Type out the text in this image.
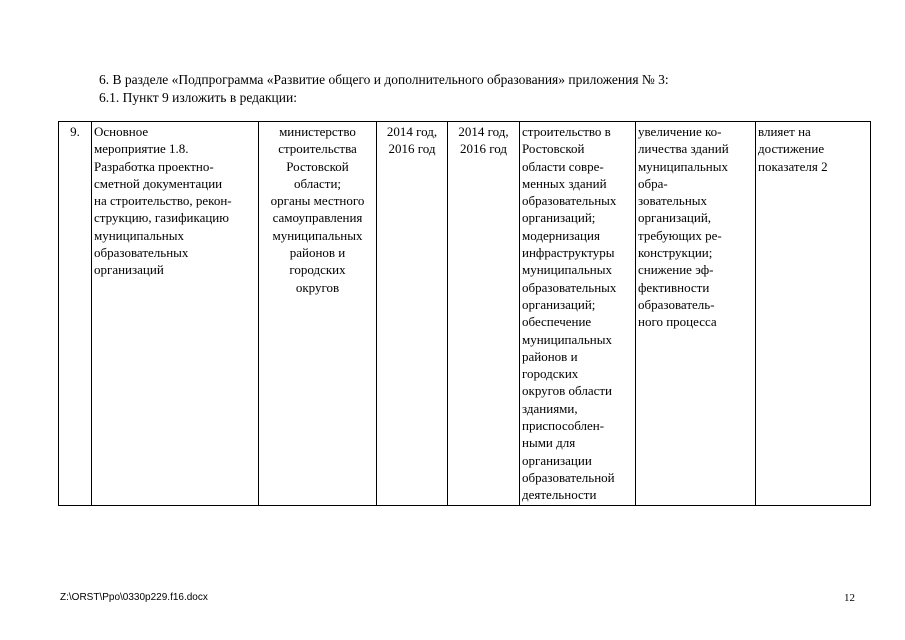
6. В разделе «Подпрограмма «Развитие общего и дополнительного образования» приложения № 3:
6.1. Пункт 9 изложить в редакции:
9.	Основное
мероприятие 1.8.
Разработка проектно-
сметной документации
на строительство, рекон-
струкцию, газификацию
муниципальных
образовательных
организаций	министерство
строительства
Ростовской
области;
органы местного
самоуправления
муниципальных
районов и
городских
округов	2014 год,
2016 год	2014 год,
2016 год	строительство в
Ростовской
области совре-
менных зданий
образовательных
организаций;
модернизация
инфраструктуры
муниципальных
образовательных
организаций;
обеспечение
муниципальных
районов и
городских
округов области
зданиями,
приспособлен-
ными для
организации
образовательной
деятельности	увеличение ко-
личества зданий
муниципальных
обра-
зовательных
организаций,
требующих ре-
конструкции;
снижение эф-
фективности
образователь-
ного процесса	влияет на
достижение
показателя 2
Z:\ORST\Ppo\0330p229.f16.docx	12
